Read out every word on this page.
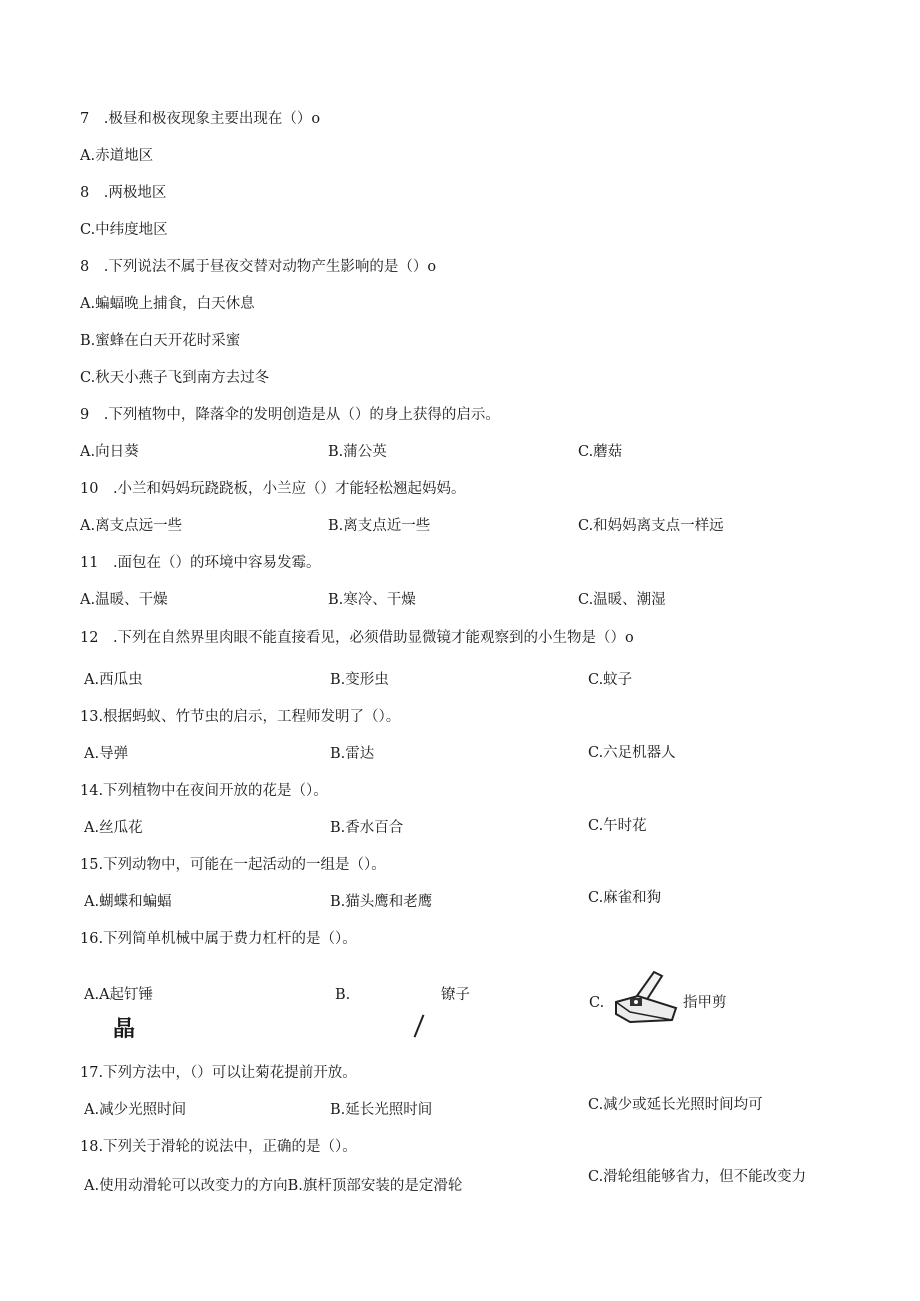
7　.极昼和极夜现象主要出现在（）o
A.赤道地区
8　.两极地区
C.中纬度地区
8　.下列说法不属于昼夜交替对动物产生影响的是（）o
A.蝙蝠晚上捕食，白天休息
B.蜜蜂在白天开花时采蜜
C.秋天小燕子飞到南方去过冬
9　.下列植物中，降落伞的发明创造是从（）的身上获得的启示。
A.向日葵	B.蒲公英	C.蘑菇
10　.小兰和妈妈玩跷跷板，小兰应（）才能轻松翘起妈妈。
A.离支点远一些	B.离支点近一些	C.和妈妈离支点一样远
11　.面包在（）的环境中容易发霉。
A.温暖、干燥	B.寒冷、干燥	C.温暖、潮湿
12　.下列在自然界里肉眼不能直接看见，必须借助显微镜才能观察到的小生物是（）o
A.西瓜虫	B.变形虫	C.蚊子
13.根据蚂蚁、竹节虫的启示，工程师发明了（）。
A.导弹	B.雷达	C.六足机器人
14.下列植物中在夜间开放的花是（）。
A.丝瓜花	B.香水百合	C.午时花
15.下列动物中，可能在一起活动的一组是（）。
A.蝴蝶和蝙蝠	B.猫头鹰和老鹰	C.麻雀和狗
16.下列简单机械中属于费力杠杆的是（）。
A.A起钉锤
晶
B.	镣子	C.	指甲剪
17.下列方法中，（）可以让菊花提前开放。
A.减少光照时间	B.延长光照时间	C.减少或延长光照时间均可
18.下列关于滑轮的说法中，正确的是（）。
A.使用动滑轮可以改变力的方向B.旗杆顶部安装的是定滑轮
C.滑轮组能够省力，但不能改变力
